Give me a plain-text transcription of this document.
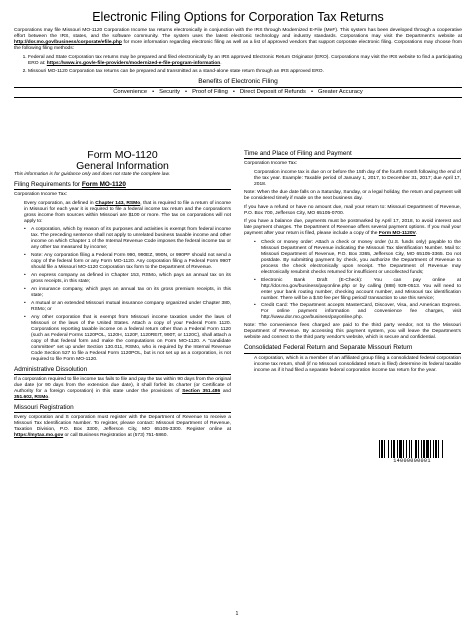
Electronic Filing Options for Corporation Tax Returns

Corporations may file Missouri MO-1120 Corporation Income tax returns electronically in conjunction with the IRS through Modernized E-File (MeF). This system has been developed through a cooperative effort between the IRS, states, and the software community. The system uses the latest electronic technology and industry standards. Corporations may visit the Department's website at http://dor.mo.gov/business/corporate/efile.php for more information regarding electronic filing as well as a list of approved vendors that support corporate electronic filing. Corporations may choose from the following filing methods:

1. Federal and State Corporation tax returns may be prepared and filed electronically by an IRS approved Electronic Return Originator (ERO). Corporations may visit the IRS website to find a participating ERO at: https://www.irs.gov/e-file-providers/modernized-e-file-program-information.
2. Missouri MO-1120 Corporation tax returns can be prepared and transmitted as a stand-alone state return through an IRS approved ERO.
Benefits of Electronic Filing
Convenience • Security • Proof of Filing • Direct Deposit of Refunds • Greater Accuracy
Form MO-1120
General Information
This information is for guidance only and does not state the complete law.
Filing Requirements for Form MO-1120

Corporation Income Tax:

Every corporation, as defined in Chapter 143, RSMo, that is required to file a return of income in Missouri for each year it is required to file a federal income tax return and the corporation's gross income from sources within Missouri are $100 or more. The tax on corporations will not apply to:

• A corporation, which by reason of its purposes and activities is exempt from federal income tax. The preceding sentence shall not apply to unrelated business taxable income and other income on which Chapter 1 of the Internal Revenue Code imposes the federal income tax or any other tax measured by income;
• Note: Any corporation filing a Federal Form 990, 990EZ, 990N, or 990PF should not send a copy of the federal form or any Form MO-1120. Any corporation filing a Federal Form 990T should file a Missouri MO-1120 Corporation tax form to the Department of Revenue.
• An express company as defined in Chapter 153, RSMo, which pays an annual tax on its gross receipts, in this state;
• An insurance company, which pays an annual tax on its gross premium receipts, in this state;
• A mutual or an extended Missouri mutual insurance company organized under Chapter 380, RSMo; or
• Any other corporation that is exempt from Missouri income taxation under the laws of Missouri or the laws of the United States. Attach a copy of your Federal Form 1120. Corporations reporting taxable income on a federal return other than a Federal Form 1120 (such as Federal Forms 1120POL, 1120H, 1120F, 1120REIT, 990T, or 1120C), shall attach a copy of that federal form and make the computations on Form MO-1120. A "candidate committee" set up under Section 130.011, RSMo, who is required by the Internal Revenue Code Section 527 to file a Federal Form 1120POL, but is not set up as a corporation, is not required to file Form MO-1120.
Administrative Dissolution

If a corporation required to file income tax fails to file and pay the tax within 90 days from the original due date (or 90 days from the extension due date), it shall forfeit its charter (or Certificate of Authority for a foreign corporation) in this state under the provisions of Section 351.486 and 351.602, RSMo.

Missouri Registration

Every corporation and S corporation must register with the Department of Revenue to receive a Missouri Tax Identification Number. To register, please contact: Missouri Department of Revenue, Taxation Division, P.O. Box 3300, Jefferson City, MO 65105-3300. Register online at https://mytax.mo.gov or call Business Registration at (573) 751-5860.

Time and Place of Filing and Payment

Corporation Income Tax:

Corporation income tax is due on or before the 15th day of the fourth month following the end of the tax year. Example: Taxable period of January 1, 2017, to December 31, 2017; due April 17, 2018.

Note: When the due date falls on a Saturday, Sunday, or a legal holiday, the return and payment will be considered timely if made on the next business day.

If you have a refund or have no amount due, mail your return to: Missouri Department of Revenue, P.O. Box 700, Jefferson City, MO 65105-0700.

If you have a balance due, payments must be postmarked by April 17, 2018, to avoid interest and late payment charges. The Department of Revenue offers several payment options. If you mail your payment after your return is filed, please include a copy of the Form MO-1120V.

• Check or money order: Attach a check or money order (U.S. funds only) payable to the Missouri Department of Revenue indicating the Missouri Tax Identification Number. Mail to: Missouri Department of Revenue, P.O. Box 3365, Jefferson City, MO 65105-3365. Do not postdate. By submitting payment by check, you authorize the Department of Revenue to process the check electronically upon receipt. The Department of Revenue may electronically resubmit checks returned for insufficient or uncollected funds;
• Electronic Bank Draft (E-Check): You can pay online at http://dor.mo.gov/business/payonline.php or by calling (888) 929-0513. You will need to enter your bank routing number, checking account number, and Missouri tax identification number. There will be a $.50 fee per filing period/ transaction to use this service;
• Credit Card: The Department accepts MasterCard, Discover, Visa, and American Express. For online payment information and convenience fee charges, visit http://www.dor.mo.gov/business/payonline.php.

Note: The convenience fees charged are paid to the third party vendor, not to the Missouri Department of Revenue. By accessing this payment system, you will leave the Department's website and connect to the third party vendor's website, which is secure and confidential.

Consolidated Federal Return and Separate Missouri Return

A corporation, which is a member of an affiliated group filing a consolidated federal corporation income tax return, shall (if no Missouri consolidated return is filed) determine its federal taxable income as if it had filed a separate federal corporation income tax return for the year.

14000000001
1
